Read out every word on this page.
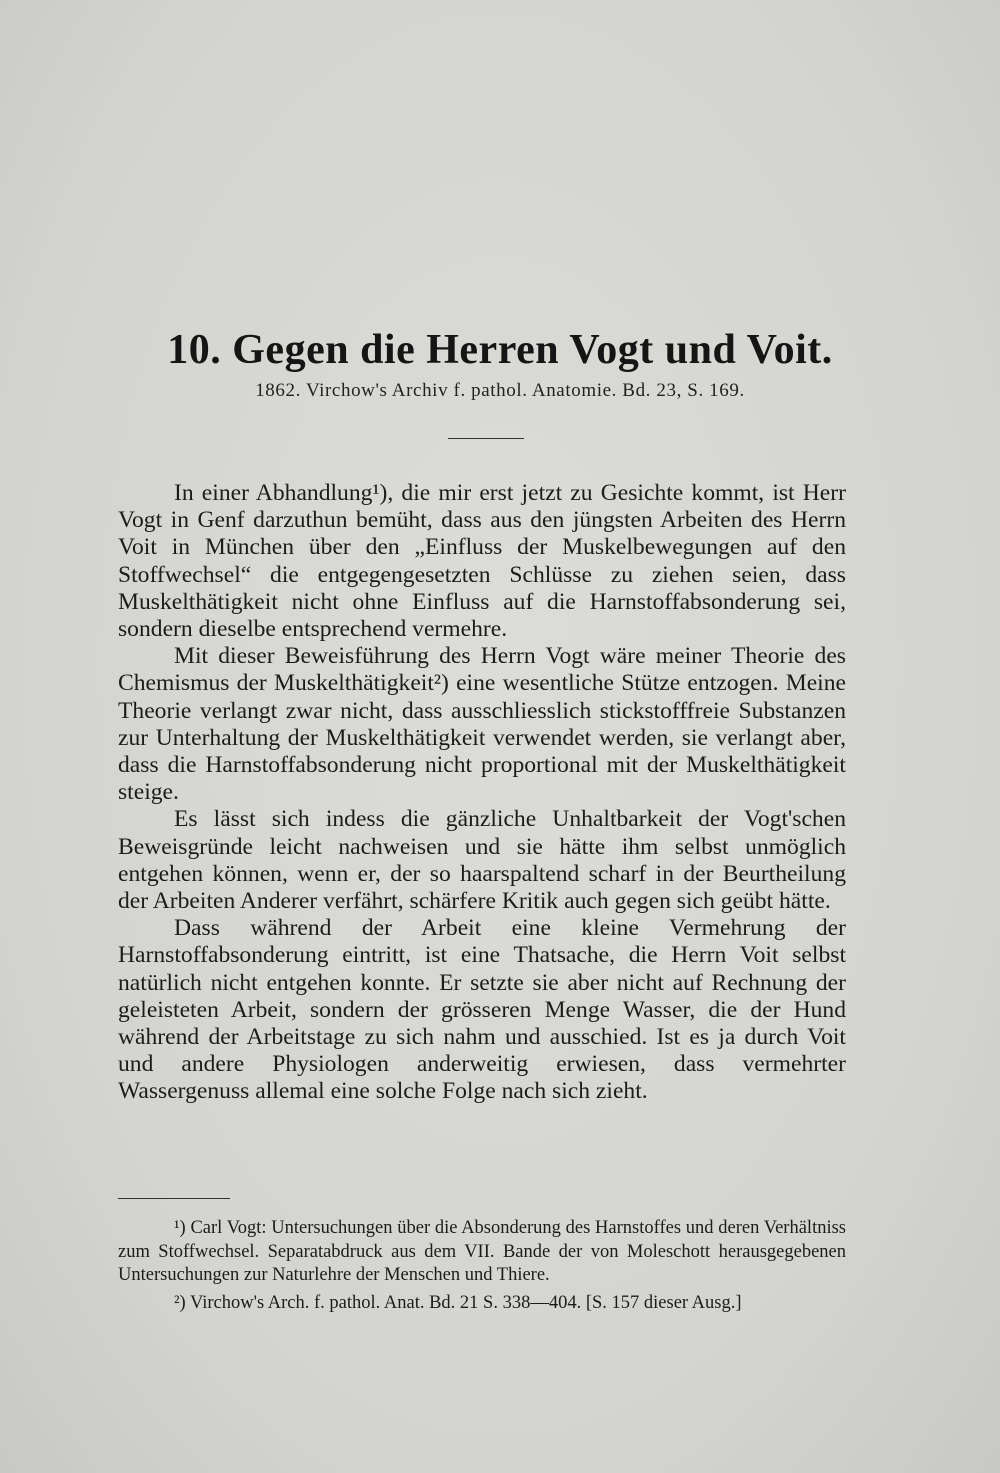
10. Gegen die Herren Vogt und Voit.
1862. Virchow's Archiv f. pathol. Anatomie. Bd. 23, S. 169.

In einer Abhandlung¹), die mir erst jetzt zu Gesichte kommt, ist Herr Vogt in Genf darzuthun bemüht, dass aus den jüngsten Arbeiten des Herrn Voit in München über den „Einfluss der Muskelbewegungen auf den Stoffwechsel“ die entgegengesetzten Schlüsse zu ziehen seien, dass Muskelthätigkeit nicht ohne Einfluss auf die Harnstoffabsonderung sei, sondern dieselbe entsprechend vermehre.

Mit dieser Beweisführung des Herrn Vogt wäre meiner Theorie des Chemismus der Muskelthätigkeit²) eine wesentliche Stütze entzogen. Meine Theorie verlangt zwar nicht, dass ausschliesslich stickstofffreie Substanzen zur Unterhaltung der Muskelthätigkeit verwendet werden, sie verlangt aber, dass die Harnstoffabsonderung nicht proportional mit der Muskelthätigkeit steige.

Es lässt sich indess die gänzliche Unhaltbarkeit der Vogt'schen Beweisgründe leicht nachweisen und sie hätte ihm selbst unmöglich entgehen können, wenn er, der so haarspaltend scharf in der Beurtheilung der Arbeiten Anderer verfährt, schärfere Kritik auch gegen sich geübt hätte.

Dass während der Arbeit eine kleine Vermehrung der Harnstoffabsonderung eintritt, ist eine Thatsache, die Herrn Voit selbst natürlich nicht entgehen konnte. Er setzte sie aber nicht auf Rechnung der geleisteten Arbeit, sondern der grösseren Menge Wasser, die der Hund während der Arbeitstage zu sich nahm und ausschied. Ist es ja durch Voit und andere Physiologen anderweitig erwiesen, dass vermehrter Wassergenuss allemal eine solche Folge nach sich zieht.

¹) Carl Vogt: Untersuchungen über die Absonderung des Harnstoffes und deren Verhältniss zum Stoffwechsel. Separatabdruck aus dem VII. Bande der von Moleschott herausgegebenen Untersuchungen zur Naturlehre der Menschen und Thiere.

²) Virchow's Arch. f. pathol. Anat. Bd. 21 S. 338—404. [S. 157 dieser Ausg.]
